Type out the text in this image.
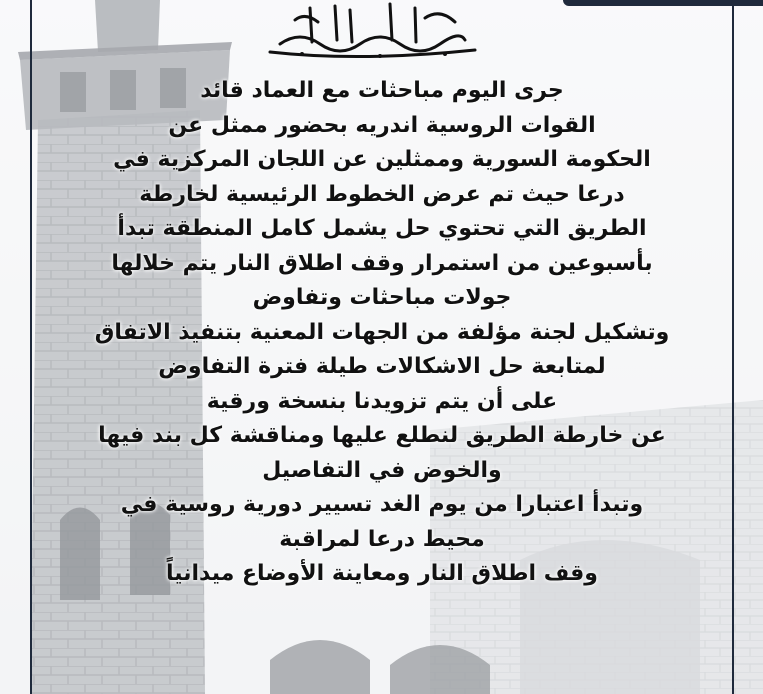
جرى اليوم مباحثات مع العماد قائد
القوات الروسية اندريه بحضور ممثل عن
الحكومة السورية وممثلين عن اللجان المركزية في
درعا حيث تم عرض الخطوط الرئيسية لخارطة
الطريق التي تحتوي حل يشمل كامل المنطقة تبدأ
بأسبوعين من استمرار وقف اطلاق النار يتم خلالها
جولات مباحثات وتفاوض
وتشكيل لجنة مؤلفة من الجهات المعنية بتنفيذ الاتفاق
لمتابعة حل الاشكالات طيلة فترة التفاوض
على أن يتم تزويدنا بنسخة ورقية
عن خارطة الطريق لنطلع عليها ومناقشة كل بند فيها
والخوض في التفاصيل
وتبدأ اعتبارا من يوم الغد تسيير دورية روسية في
محيط درعا لمراقبة
وقف اطلاق النار ومعاينة الأوضاع ميدانياً
